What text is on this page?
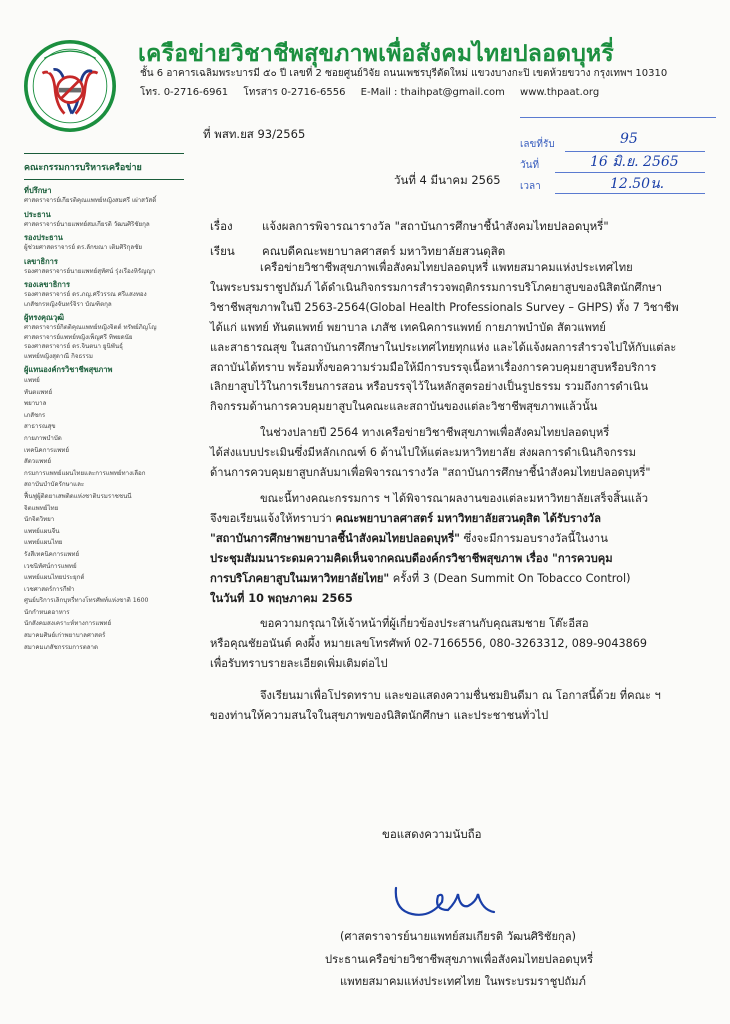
เครือข่ายวิชาชีพสุขภาพเพื่อสังคมไทยปลอดบุหรี่
ชั้น 6 อาคารเฉลิมพระบารมี ๕๐ ปี เลขที่ 2 ซอยศูนย์วิจัย ถนนเพชรบุรีตัดใหม่ แขวงบางกะปิ เขตห้วยขวาง กรุงเทพฯ 10310
โทร. 0-2716-6961 โทรสาร 0-2716-6556 E-Mail : thaihpat@gmail.com www.thpaat.org
ที่ พสท.ยส 93/2565
เลขที่รับ	95
วันที่	16 มิ.ย. 2565
เวลา	12.50น.
คณะกรรมการบริหารเครือข่าย
ที่ปรึกษา
ศาสตราจารย์เกียรติคุณแพทย์หญิงสมศรี เผ่าสวัสดิ์
ประธาน
ศาสตราจารย์นายแพทย์สมเกียรติ วัฒนศิริชัยกุล
รองประธาน
ผู้ช่วยศาสตราจารย์ ดร.ลักขณา เติมศิริกุลชัย
เลขาธิการ
รองศาสตราจารย์นายแพทย์สุทัศน์ รุ่งเรืองหิรัญญา
รองเลขาธิการ
รองศาสตราจารย์ ดร.ภญ.ศรีวรรณ ศรีแสงทอง
เภสัชกรหญิงจันทร์จิรา บัณฑิตกุล
ผู้ทรงคุณวุฒิ
ศาสตราจารย์กิตติคุณแพทย์หญิงจิตต์ ทรัพย์ภิญโญ
ศาสตราจารย์แพทย์หญิงเพ็ญศรี ทิพยดนัย
รองศาสตราจารย์ ดร.จินตนา ยูนิพันธุ์
แพทย์หญิงสุดาณี กิจธรรม
ผู้แทนองค์กรวิชาชีพสุขภาพ
แพทย์
ทันตแพทย์
พยาบาล
เภสัชกร
สาธารณสุข
กายภาพบำบัด
เทคนิคการแพทย์
สัตวแพทย์
กรมการแพทย์แผนไทยและการแพทย์ทางเลือก
สถาบันบำบัดรักษาและ
ฟื้นฟูผู้ติดยาเสพติดแห่งชาติบรมราชชนนี
จิตแพทย์ไทย
นักจิตวิทยา
แพทย์แผนจีน
แพทย์แผนไทย
รังสีเทคนิคการแพทย์
เวชนิทัศน์การแพทย์
แพทย์แผนไทยประยุกต์
เวชศาสตร์การกีฬา
ศูนย์บริการเลิกบุหรี่ทางโทรศัพท์แห่งชาติ 1600
นักกำหนดอาหาร
นักสังคมสงเคราะห์ทางการแพทย์
สมาคมศิษย์เก่าพยาบาลศาสตร์
สมาคมเภสัชกรรมการตลาด
วันที่ 4 มีนาคม 2565
เรื่อง	แจ้งผลการพิจารณารางวัล "สถาบันการศึกษาชี้นำสังคมไทยปลอดบุหรี่"
เรียน คณบดีคณะพยาบาลศาสตร์ มหาวิทยาลัยสวนดุสิต

เครือข่ายวิชาชีพสุขภาพเพื่อสังคมไทยปลอดบุหรี่ แพทยสมาคมแห่งประเทศไทย
ในพระบรมราชูปถัมภ์ ได้ดำเนินกิจกรรมการสำรวจพฤติกรรมการบริโภคยาสูบของนิสิตนักศึกษา
วิชาชีพสุขภาพในปี 2563-2564(Global Health Professionals Survey – GHPS) ทั้ง 7 วิชาชีพ
ได้แก่ แพทย์ ทันตแพทย์ พยาบาล เภสัช เทคนิคการแพทย์ กายภาพบำบัด สัตวแพทย์
และสาธารณสุข ในสถาบันการศึกษาในประเทศไทยทุกแห่ง และได้แจ้งผลการสำรวจไปให้กับแต่ละ
สถาบันได้ทราบ พร้อมทั้งขอความร่วมมือให้มีการบรรจุเนื้อหาเรื่องการควบคุมยาสูบหรือบริการ
เลิกยาสูบไว้ในการเรียนการสอน หรือบรรจุไว้ในหลักสูตรอย่างเป็นรูปธรรม รวมถึงการดำเนิน
กิจกรรมด้านการควบคุมยาสูบในคณะและสถาบันของแต่ละวิชาชีพสุขภาพแล้วนั้น

ในช่วงปลายปี 2564 ทางเครือข่ายวิชาชีพสุขภาพเพื่อสังคมไทยปลอดบุหรี่
ได้ส่งแบบประเมินซึ่งมีหลักเกณฑ์ 6 ด้านไปให้แต่ละมหาวิทยาลัย ส่งผลการดำเนินกิจกรรม
ด้านการควบคุมยาสูบกลับมาเพื่อพิจารณารางวัล "สถาบันการศึกษาชี้นำสังคมไทยปลอดบุหรี่"

ขณะนี้ทางคณะกรรมการ ฯ ได้พิจารณาผลงานของแต่ละมหาวิทยาลัยเสร็จสิ้นแล้ว
จึงขอเรียนแจ้งให้ทราบว่า คณะพยาบาลศาสตร์ มหาวิทยาลัยสวนดุสิต ได้รับรางวัล
"สถาบันการศึกษาพยาบาลชี้นำสังคมไทยปลอดบุหรี่" ซึ่งจะมีการมอบรางวัลนี้ในงาน
ประชุมสัมมนาระดมความคิดเห็นจากคณบดีองค์กรวิชาชีพสุขภาพ เรื่อง "การควบคุม
การบริโภคยาสูบในมหาวิทยาลัยไทย" ครั้งที่ 3 (Dean Summit On Tobacco Control)
ในวันที่ 10 พฤษภาคม 2565

ขอความกรุณาให้เจ้าหน้าที่ผู้เกี่ยวข้องประสานกับคุณสมชาย โต๊ะอีสอ
หรือคุณชัยอนันต์ คงผึ้ง หมายเลขโทรศัพท์ 02-7166556, 080-3263312, 089-9043869
เพื่อรับทราบรายละเอียดเพิ่มเติมต่อไป

จึงเรียนมาเพื่อโปรดทราบ และขอแสดงความชื่นชมยินดีมา ณ โอกาสนี้ด้วย ที่คณะ ฯ
ของท่านให้ความสนใจในสุขภาพของนิสิตนักศึกษา และประชาชนทั่วไป

ขอแสดงความนับถือ
(ศาสตราจารย์นายแพทย์สมเกียรติ วัฒนศิริชัยกุล)
ประธานเครือข่ายวิชาชีพสุขภาพเพื่อสังคมไทยปลอดบุหรี่
แพทยสมาคมแห่งประเทศไทย ในพระบรมราชูปถัมภ์
